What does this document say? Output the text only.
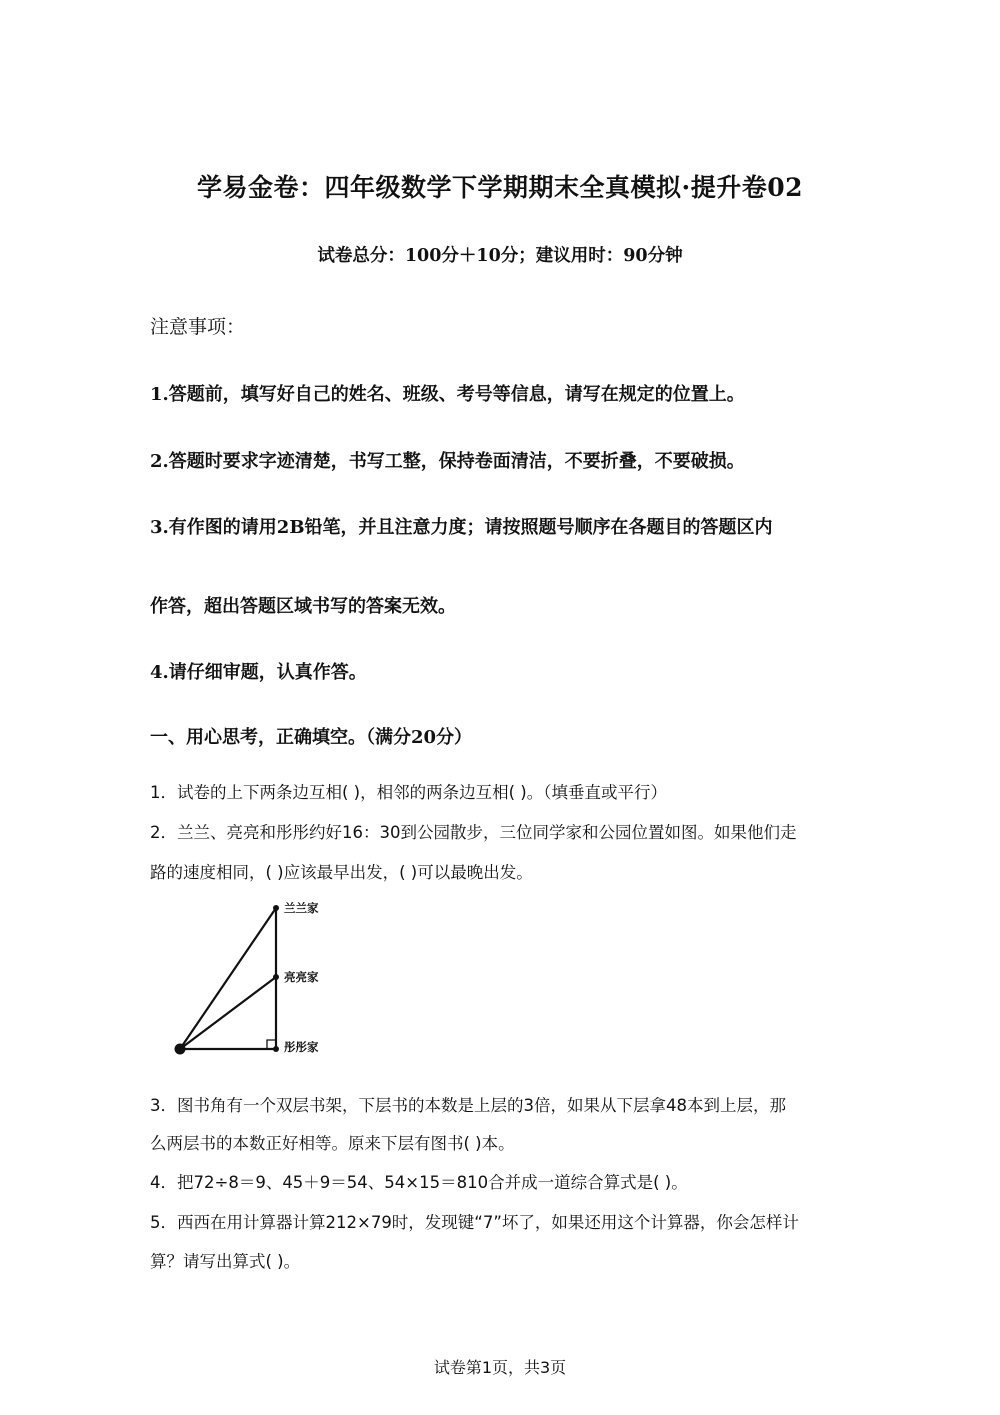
学易金卷：四年级数学下学期期末全真模拟·提升卷02
试卷总分：100分＋10分；建议用时：90分钟
注意事项：
1.答题前，填写好自己的姓名、班级、考号等信息，请写在规定的位置上。
2.答题时要求字迹清楚，书写工整，保持卷面清洁，不要折叠，不要破损。
3.有作图的请用2B铅笔，并且注意力度；请按照题号顺序在各题目的答题区内
作答，超出答题区域书写的答案无效。
4.请仔细审题，认真作答。
一、用心思考，正确填空。（满分20分）
1．试卷的上下两条边互相( )，相邻的两条边互相( )。（填垂直或平行）
2．兰兰、亮亮和彤彤约好16：30到公园散步，三位同学家和公园位置如图。如果他们走
路的速度相同，( )应该最早出发，( )可以最晚出发。
兰兰家
亮亮家
彤彤家
3．图书角有一个双层书架，下层书的本数是上层的3倍，如果从下层拿48本到上层，那
么两层书的本数正好相等。原来下层有图书( )本。
4．把72÷8＝9、45＋9＝54、54×15＝810合并成一道综合算式是( )。
5．西西在用计算器计算212×79时，发现键“7”坏了，如果还用这个计算器，你会怎样计
算？请写出算式( )。
试卷第1页，共3页
